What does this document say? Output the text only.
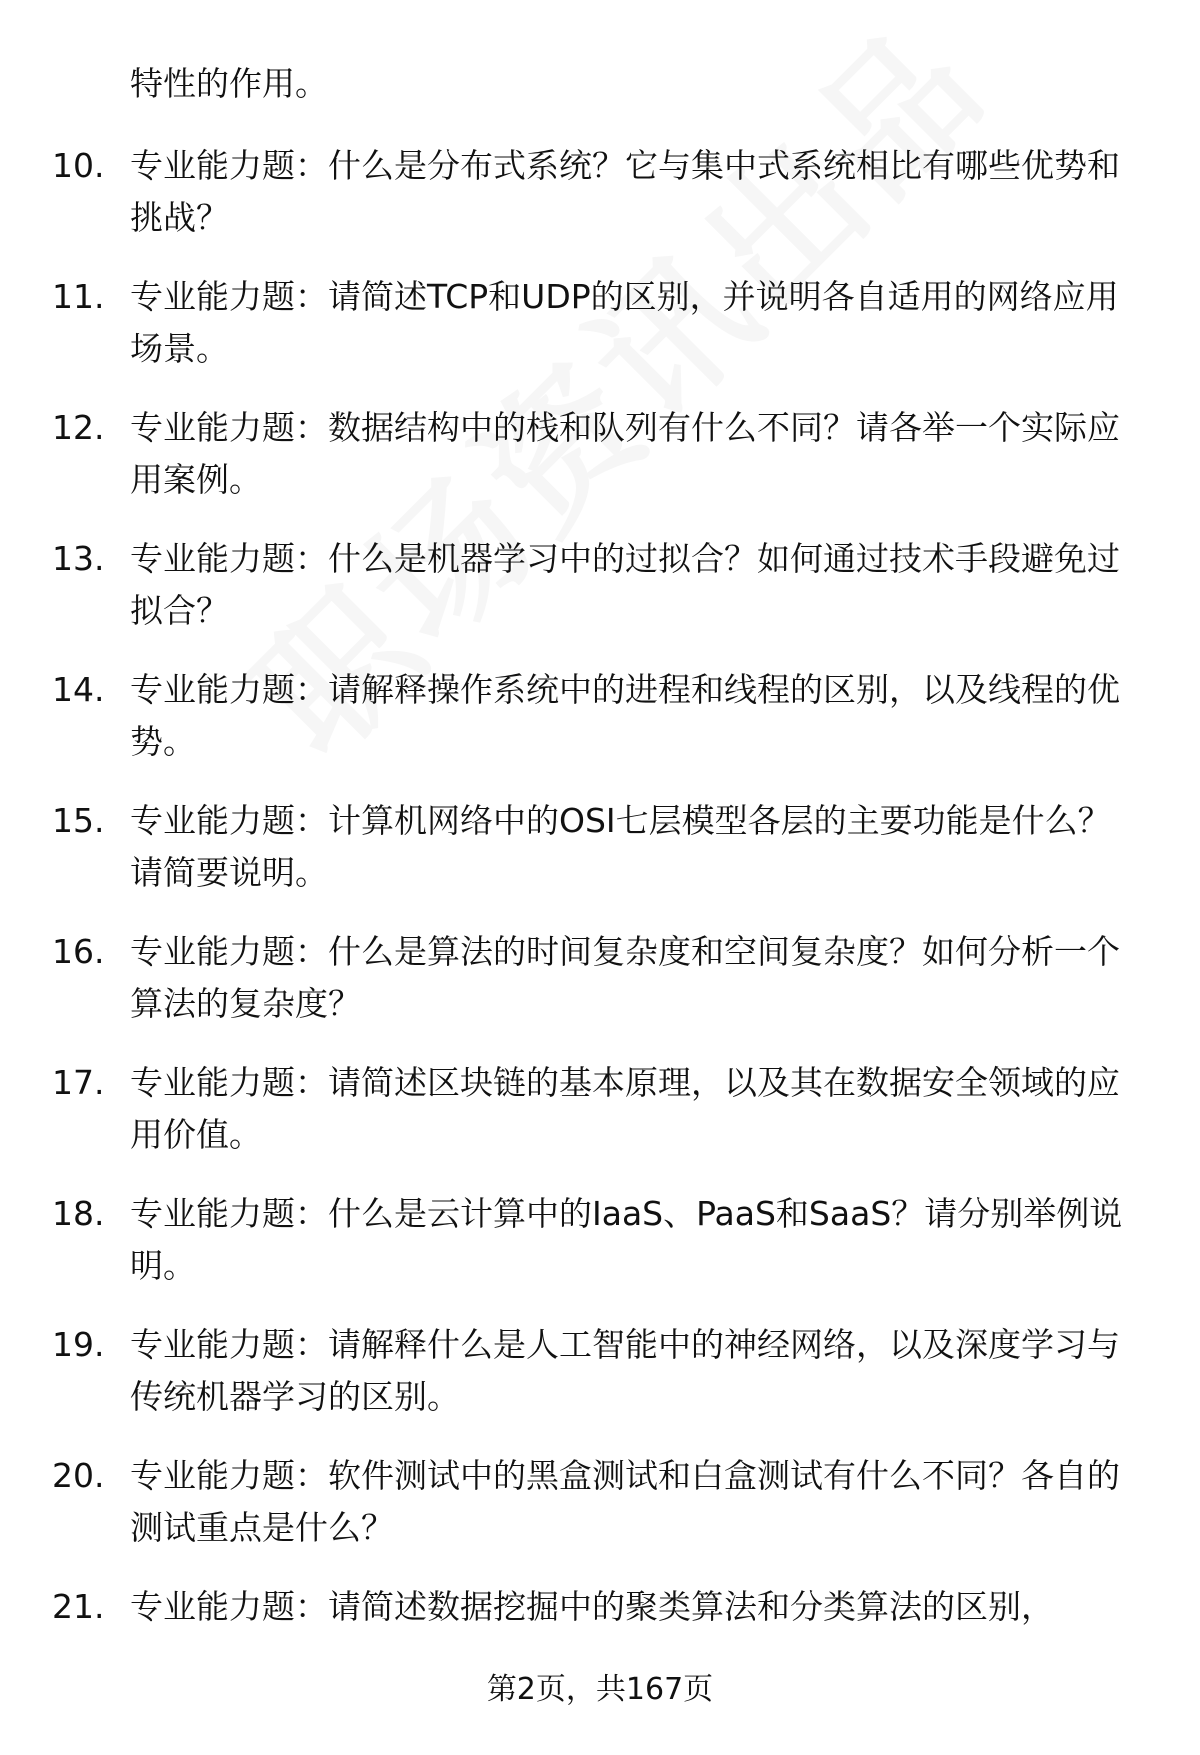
特性的作用。

10. 专业能力题：什么是分布式系统？它与集中式系统相比有哪些优势和挑战？

11. 专业能力题：请简述TCP和UDP的区别，并说明各自适用的网络应用场景。

12. 专业能力题：数据结构中的栈和队列有什么不同？请各举一个实际应用案例。

13. 专业能力题：什么是机器学习中的过拟合？如何通过技术手段避免过拟合？

14. 专业能力题：请解释操作系统中的进程和线程的区别，以及线程的优势。

15. 专业能力题：计算机网络中的OSI七层模型各层的主要功能是什么？请简要说明。

16. 专业能力题：什么是算法的时间复杂度和空间复杂度？如何分析一个算法的复杂度？

17. 专业能力题：请简述区块链的基本原理，以及其在数据安全领域的应用价值。

18. 专业能力题：什么是云计算中的IaaS、PaaS和SaaS？请分别举例说明。

19. 专业能力题：请解释什么是人工智能中的神经网络，以及深度学习与传统机器学习的区别。

20. 专业能力题：软件测试中的黑盒测试和白盒测试有什么不同？各自的测试重点是什么？

21. 专业能力题：请简述数据挖掘中的聚类算法和分类算法的区别，

第2页，共167页
